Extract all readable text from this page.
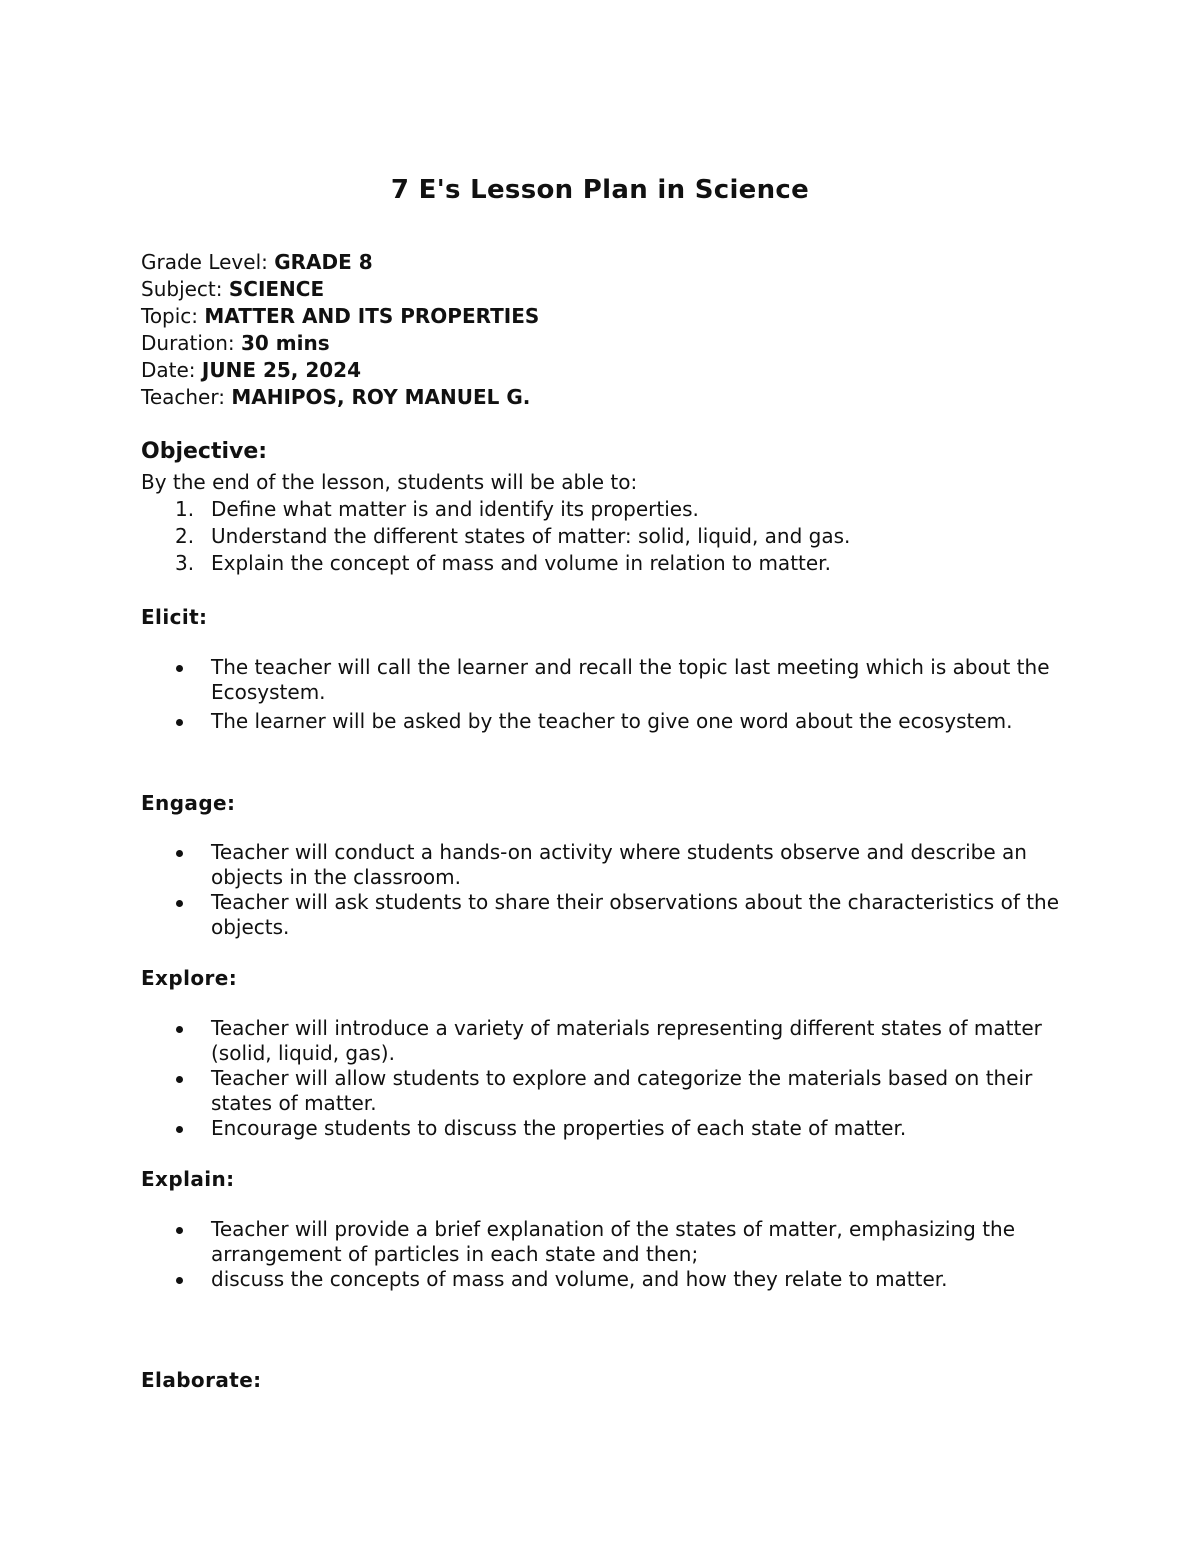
7 E's Lesson Plan in Science
Grade Level: GRADE 8
Subject: SCIENCE
Topic: MATTER AND ITS PROPERTIES
Duration: 30 mins
Date: JUNE 25, 2024
Teacher: MAHIPOS, ROY MANUEL G.
Objective:

By the end of the lesson, students will be able to:

1. Define what matter is and identify its properties.
2. Understand the different states of matter: solid, liquid, and gas.
3. Explain the concept of mass and volume in relation to matter.
Elicit:
The teacher will call the learner and recall the topic last meeting which is about the Ecosystem.
The learner will be asked by the teacher to give one word about the ecosystem.
Engage:
Teacher will conduct a hands-on activity where students observe and describe an objects in the classroom.
Teacher will ask students to share their observations about the characteristics of the objects.
Explore:
Teacher will introduce a variety of materials representing different states of matter (solid, liquid, gas).
Teacher will allow students to explore and categorize the materials based on their states of matter.
Encourage students to discuss the properties of each state of matter.
Explain:
Teacher will provide a brief explanation of the states of matter, emphasizing the arrangement of particles in each state and then;
discuss the concepts of mass and volume, and how they relate to matter.
Elaborate:
